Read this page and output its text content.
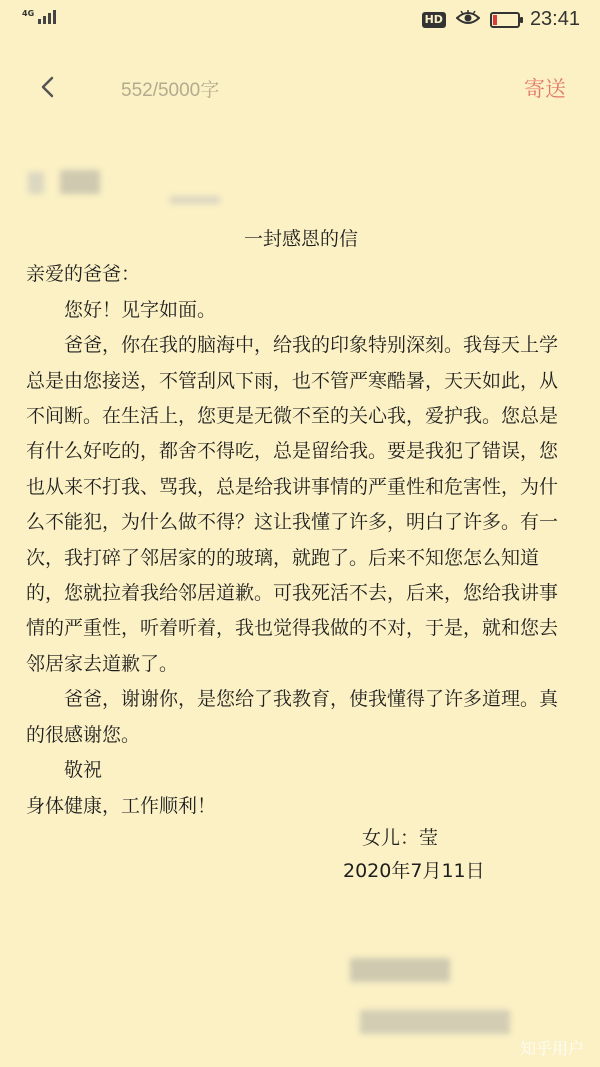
4G	HD	23:41
552/5000字	寄送

一封感恩的信

亲爱的爸爸：

您好！见字如面。

爸爸，你在我的脑海中，给我的印象特别深刻。我每天上学总是由您接送，不管刮风下雨，也不管严寒酷暑，天天如此，从不间断。在生活上，您更是无微不至的关心我，爱护我。您总是有什么好吃的，都舍不得吃，总是留给我。要是我犯了错误，您也从来不打我、骂我，总是给我讲事情的严重性和危害性，为什么不能犯，为什么做不得？这让我懂了许多，明白了许多。有一次，我打碎了邻居家的的玻璃，就跑了。后来不知您怎么知道的，您就拉着我给邻居道歉。可我死活不去，后来，您给我讲事情的严重性，听着听着，我也觉得我做的不对，于是，就和您去邻居家去道歉了。

爸爸，谢谢你，是您给了我教育，使我懂得了许多道理。真的很感谢您。

敬祝

身体健康，工作顺利！

女儿：莹
2020年7月11日
知乎用户
